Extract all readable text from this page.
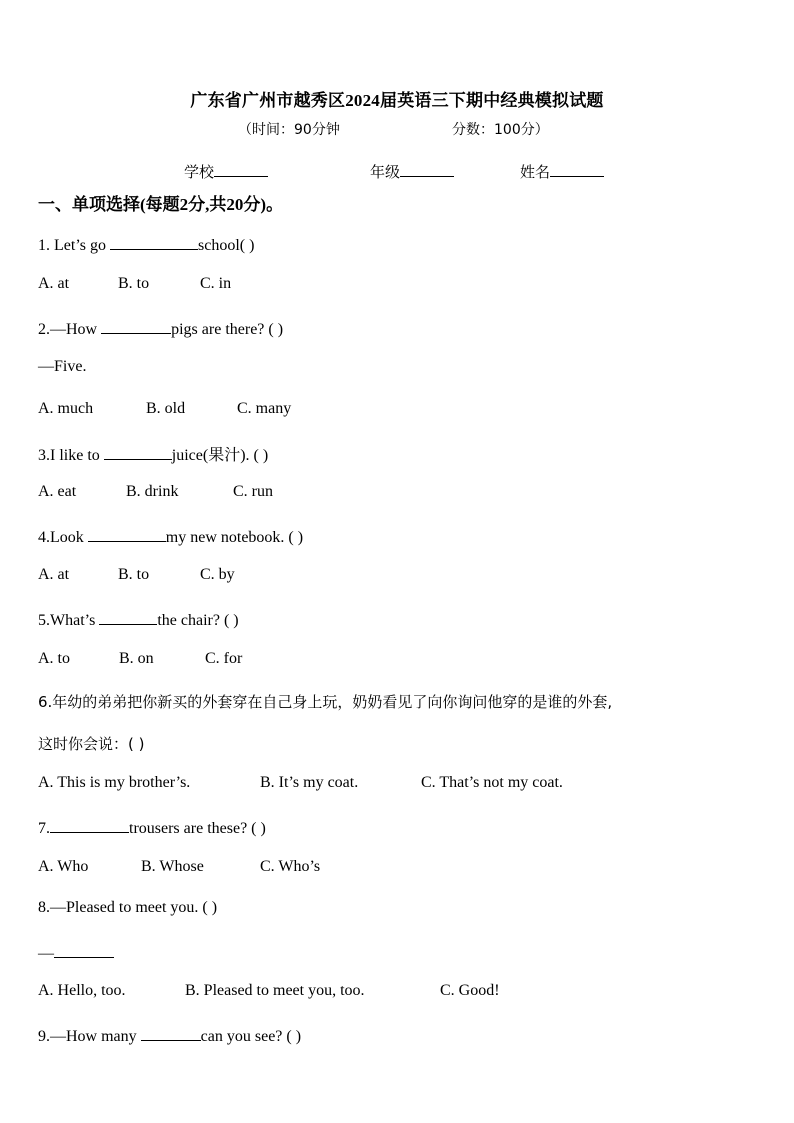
广东省广州市越秀区2024届英语三下期中经典模拟试题
（时间：90分钟	分数：100分）
学校	年级	姓名
一、单项选择(每题2分,共20分)。
1. Let’s go	school( )
A. at	B. to	C. in
2.—How	pigs are there? ( )
—Five.
A. much	B. old	C. many
3.I like to	juice(果汁). ( )
A. eat	B. drink	C. run
4.Look	my new notebook. ( )
A. at	B. to	C. by
5.What’s	the chair? ( )
A. to	B. on	C. for
6.年幼的弟弟把你新买的外套穿在自己身上玩，奶奶看见了向你询问他穿的是谁的外套,
这时你会说：( )
A. This is my brother’s.	B. It’s my coat.	C. That’s not my coat.
7.	trousers are these? ( )
A. Who	B. Whose	C. Who’s
8.—Pleased to meet you. ( )
—
A. Hello, too.	B. Pleased to meet you, too.	C. Good!
9.—How many	can you see? ( )
